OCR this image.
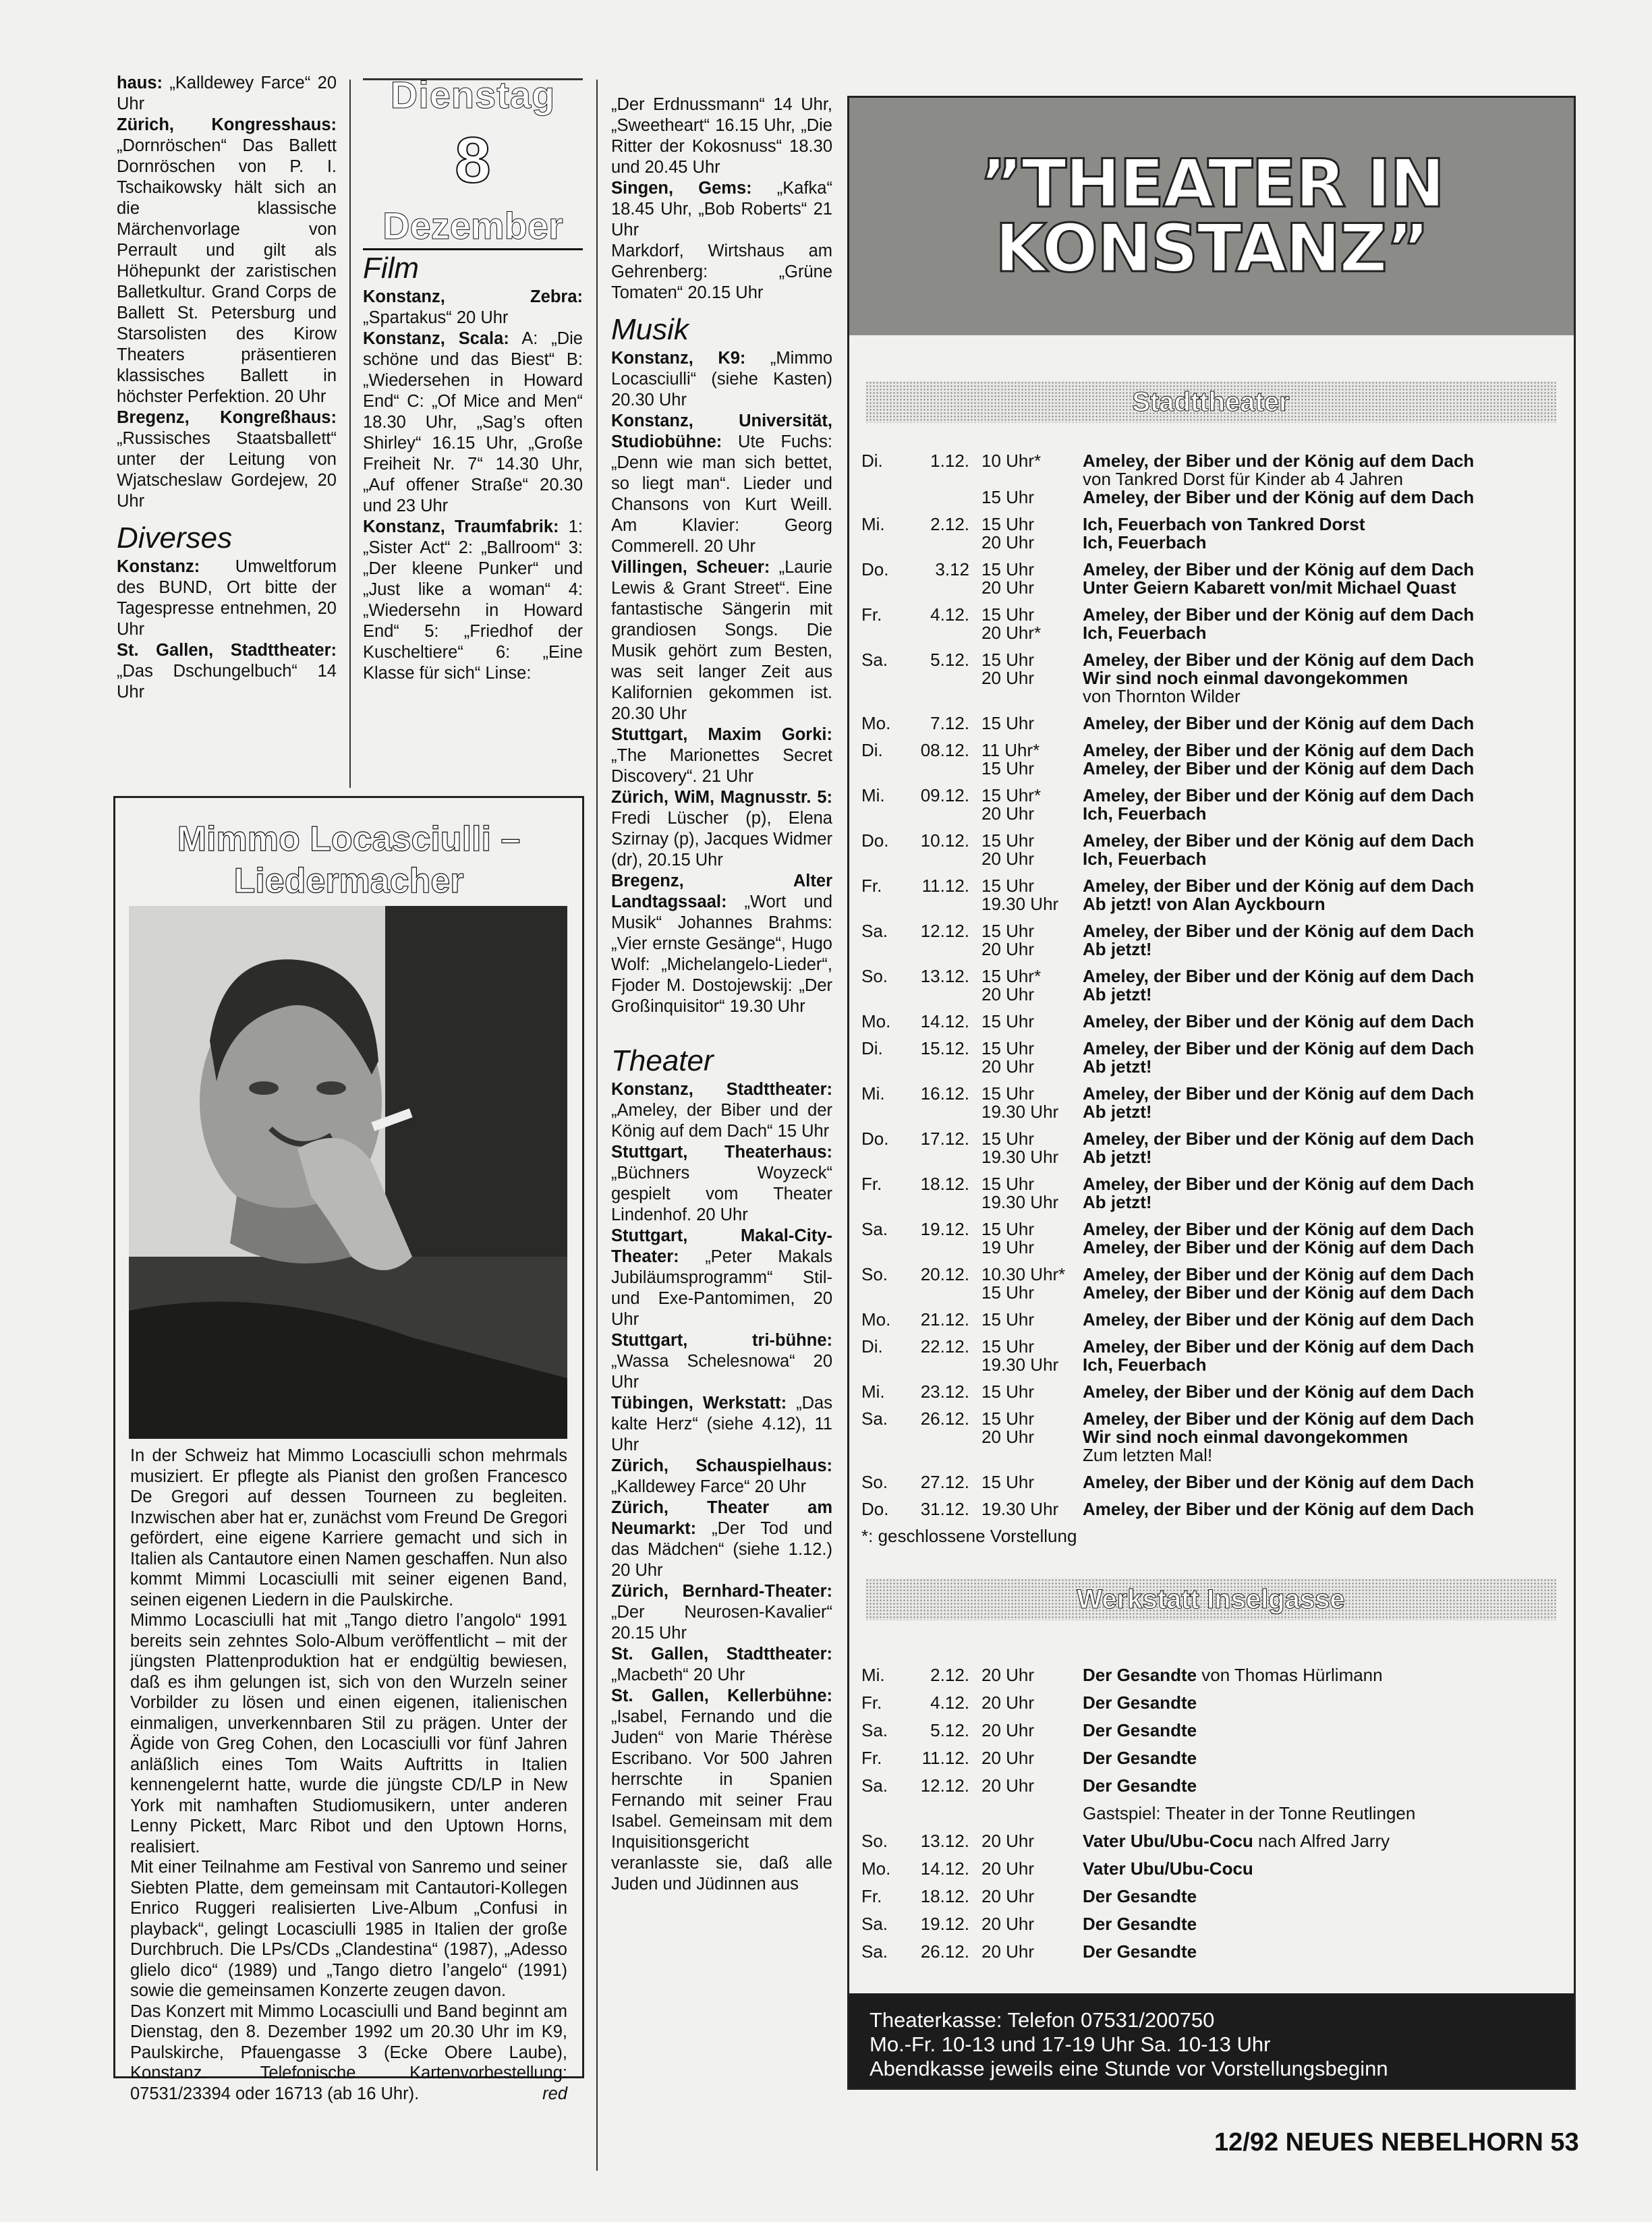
haus: „Kalldewey Farce“ 20 Uhr

Zürich, Kongresshaus: „Dornröschen“ Das Ballett Dornröschen von P. I. Tschaikowsky hält sich an die klassische Märchenvorlage von Perrault und gilt als Höhepunkt der zaristischen Balletkultur. Grand Corps de Ballett St. Petersburg und Starsolisten des Kirow Theaters präsentieren klassisches Ballett in höchster Perfektion. 20 Uhr

Bregenz, Kongreßhaus: „Russisches Staatsballett“ unter der Leitung von Wjatscheslaw Gordejew, 20 Uhr

Diverses

Konstanz: Umweltforum des BUND, Ort bitte der Tagespresse entnehmen, 20 Uhr

St. Gallen, Stadttheater: „Das Dschungelbuch“ 14 Uhr

Dienstag
8
Dezember
Film

Konstanz, Zebra: „Spartakus“ 20 Uhr

Konstanz, Scala: A: „Die schöne und das Biest“ B: „Wiedersehen in Howard End“ C: „Of Mice and Men“ 18.30 Uhr, „Sag’s often Shirley“ 16.15 Uhr, „Große Freiheit Nr. 7“ 14.30 Uhr, „Auf offener Straße“ 20.30 und 23 Uhr

Konstanz, Traumfabrik: 1: „Sister Act“ 2: „Ballroom“ 3: „Der kleene Punker“ und „Just like a woman“ 4: „Wiedersehn in Howard End“ 5: „Friedhof der Kuscheltiere“ 6: „Eine Klasse für sich“ Linse:

Mimmo Locasciulli – Liedermacher

In der Schweiz hat Mimmo Locasciulli schon mehrmals musiziert. Er pflegte als Pianist den großen Francesco De Gregori auf dessen Tourneen zu begleiten. Inzwischen aber hat er, zunächst vom Freund De Gregori gefördert, eine eigene Karriere gemacht und sich in Italien als Cantautore einen Namen geschaffen. Nun also kommt Mimmi Locasciulli mit seiner eigenen Band, seinen eigenen Liedern in die Paulskirche.

Mimmo Locasciulli hat mit „Tango dietro l’angolo“ 1991 bereits sein zehntes Solo-Album veröffentlicht – mit der jüngsten Plattenproduktion hat er endgültig bewiesen, daß es ihm gelungen ist, sich von den Wurzeln seiner Vorbilder zu lösen und einen eigenen, italienischen einmaligen, unverkennbaren Stil zu prägen. Unter der Ägide von Greg Cohen, den Locasciulli vor fünf Jahren anläßlich eines Tom Waits Auftritts in Italien kennengelernt hatte, wurde die jüngste CD/LP in New York mit namhaften Studiomusikern, unter anderen Lenny Pickett, Marc Ribot und den Uptown Horns, realisiert.

Mit einer Teilnahme am Festival von Sanremo und seiner Siebten Platte, dem gemeinsam mit Cantautori-Kollegen Enrico Ruggeri realisierten Live-Album „Confusi in playback“, gelingt Locasciulli 1985 in Italien der große Durchbruch. Die LPs/CDs „Clandestina“ (1987), „Adesso glielo dico“ (1989) und „Tango dietro l’angelo“ (1991) sowie die gemeinsamen Konzerte zeugen davon.

Das Konzert mit Mimmo Locasciulli und Band beginnt am Dienstag, den 8. Dezember 1992 um 20.30 Uhr im K9, Paulskirche, Pfauengasse 3 (Ecke Obere Laube), Konstanz. Telefonische Kartenvorbestellung: 07531/23394 oder 16713 (ab 16 Uhr).	red

„Der Erdnussmann“ 14 Uhr, „Sweetheart“ 16.15 Uhr, „Die Ritter der Kokosnuss“ 18.30 und 20.45 Uhr

Singen, Gems: „Kafka“ 18.45 Uhr, „Bob Roberts“ 21 Uhr

Markdorf, Wirtshaus am Gehrenberg: „Grüne Tomaten“ 20.15 Uhr

Musik

Konstanz, K9: „Mimmo Locasciulli“ (siehe Kasten) 20.30 Uhr

Konstanz, Universität, Studiobühne: Ute Fuchs: „Denn wie man sich bettet, so liegt man“. Lieder und Chansons von Kurt Weill. Am Klavier: Georg Commerell. 20 Uhr

Villingen, Scheuer: „Laurie Lewis & Grant Street“. Eine fantastische Sängerin mit grandiosen Songs. Die Musik gehört zum Besten, was seit langer Zeit aus Kalifornien gekommen ist. 20.30 Uhr

Stuttgart, Maxim Gorki: „The Marionettes Secret Discovery“. 21 Uhr

Zürich, WiM, Magnusstr. 5: Fredi Lüscher (p), Elena Szirnay (p), Jacques Widmer (dr), 20.15 Uhr

Bregenz, Alter Landtagssaal: „Wort und Musik“ Johannes Brahms: „Vier ernste Gesänge“, Hugo Wolf: „Michelangelo-Lieder“, Fjoder M. Dostojewskij: „Der Großinquisitor“ 19.30 Uhr

Theater

Konstanz, Stadttheater: „Ameley, der Biber und der König auf dem Dach“ 15 Uhr

Stuttgart, Theaterhaus: „Büchners Woyzeck“ gespielt vom Theater Lindenhof. 20 Uhr

Stuttgart, Makal-City-Theater: „Peter Makals Jubiläumsprogramm“ Stil- und Exe-Pantomimen, 20 Uhr

Stuttgart, tri-bühne: „Wassa Schelesnowa“ 20 Uhr

Tübingen, Werkstatt: „Das kalte Herz“ (siehe 4.12), 11 Uhr

Zürich, Schauspielhaus: „Kalldewey Farce“ 20 Uhr

Zürich, Theater am Neumarkt: „Der Tod und das Mädchen“ (siehe 1.12.) 20 Uhr

Zürich, Bernhard-Theater: „Der Neurosen-Kavalier“ 20.15 Uhr

St. Gallen, Stadttheater: „Macbeth“ 20 Uhr

St. Gallen, Kellerbühne: „Isabel, Fernando und die Juden“ von Marie Thérèse Escribano. Vor 500 Jahren herrschte in Spanien Fernando mit seiner Frau Isabel. Gemeinsam mit dem Inquisitionsgericht veranlasste sie, daß alle Juden und Jüdinnen aus

”THEATER IN KONSTANZ”
Stadttheater
Di.	1.12. 10 Uhr*	Ameley, der Biber und der König auf dem Dach
von Tankred Dorst für Kinder ab 4 Jahren
15 Uhr	Ameley, der Biber und der König auf dem Dach
Mi.	2.12. 15 Uhr	Ich, Feuerbach von Tankred Dorst
20 Uhr	Ich, Feuerbach
Do.	3.12 15 Uhr	Ameley, der Biber und der König auf dem Dach
20 Uhr	Unter Geiern Kabarett von/mit Michael Quast
Fr.	4.12. 15 Uhr	Ameley, der Biber und der König auf dem Dach
20 Uhr*	Ich, Feuerbach
Sa.	5.12. 15 Uhr	Ameley, der Biber und der König auf dem Dach
20 Uhr	Wir sind noch einmal davongekommen
von Thornton Wilder
Mo.	7.12. 15 Uhr	Ameley, der Biber und der König auf dem Dach
Di.	08.12. 11 Uhr*	Ameley, der Biber und der König auf dem Dach
15 Uhr	Ameley, der Biber und der König auf dem Dach
Mi.	09.12. 15 Uhr*	Ameley, der Biber und der König auf dem Dach
20 Uhr	Ich, Feuerbach
Do.	10.12. 15 Uhr	Ameley, der Biber und der König auf dem Dach
20 Uhr	Ich, Feuerbach
Fr.	11.12. 15 Uhr	Ameley, der Biber und der König auf dem Dach
19.30 Uhr	Ab jetzt! von Alan Ayckbourn
Sa.	12.12. 15 Uhr	Ameley, der Biber und der König auf dem Dach
20 Uhr	Ab jetzt!
So.	13.12. 15 Uhr*	Ameley, der Biber und der König auf dem Dach
20 Uhr	Ab jetzt!
Mo.	14.12. 15 Uhr	Ameley, der Biber und der König auf dem Dach
Di.	15.12. 15 Uhr	Ameley, der Biber und der König auf dem Dach
20 Uhr	Ab jetzt!
Mi.	16.12. 15 Uhr	Ameley, der Biber und der König auf dem Dach
19.30 Uhr	Ab jetzt!
Do.	17.12. 15 Uhr	Ameley, der Biber und der König auf dem Dach
19.30 Uhr	Ab jetzt!
Fr.	18.12. 15 Uhr	Ameley, der Biber und der König auf dem Dach
19.30 Uhr	Ab jetzt!
Sa.	19.12. 15 Uhr	Ameley, der Biber und der König auf dem Dach
19 Uhr	Ameley, der Biber und der König auf dem Dach
So.	20.12. 10.30 Uhr* Ameley, der Biber und der König auf dem Dach
15 Uhr	Ameley, der Biber und der König auf dem Dach
Mo.	21.12. 15 Uhr	Ameley, der Biber und der König auf dem Dach
Di.	22.12. 15 Uhr	Ameley, der Biber und der König auf dem Dach
19.30 Uhr	Ich, Feuerbach
Mi.	23.12. 15 Uhr	Ameley, der Biber und der König auf dem Dach
Sa.	26.12. 15 Uhr	Ameley, der Biber und der König auf dem Dach
20 Uhr	Wir sind noch einmal davongekommen
Zum letzten Mal!
So.	27.12. 15 Uhr	Ameley, der Biber und der König auf dem Dach
Do.	31.12. 19.30 Uhr	Ameley, der Biber und der König auf dem Dach
*: geschlossene Vorstellung
Werkstatt Inselgasse
Mi.	2.12. 20 Uhr	Der Gesandte von Thomas Hürlimann
Fr.	4.12. 20 Uhr	Der Gesandte
Sa.	5.12. 20 Uhr	Der Gesandte
Fr.	11.12. 20 Uhr	Der Gesandte
Sa.	12.12. 20 Uhr	Der Gesandte
Gastspiel: Theater in der Tonne Reutlingen
So.	13.12. 20 Uhr	Vater Ubu/Ubu-Cocu nach Alfred Jarry
Mo.	14.12. 20 Uhr	Vater Ubu/Ubu-Cocu
Fr.	18.12. 20 Uhr	Der Gesandte
Sa.	19.12. 20 Uhr	Der Gesandte
Sa.	26.12. 20 Uhr	Der Gesandte
Theaterkasse: Telefon 07531/200750
Mo.-Fr. 10-13 und 17-19 Uhr Sa. 10-13 Uhr
Abendkasse jeweils eine Stunde vor Vorstellungsbeginn
12/92 NEUES NEBELHORN 53
